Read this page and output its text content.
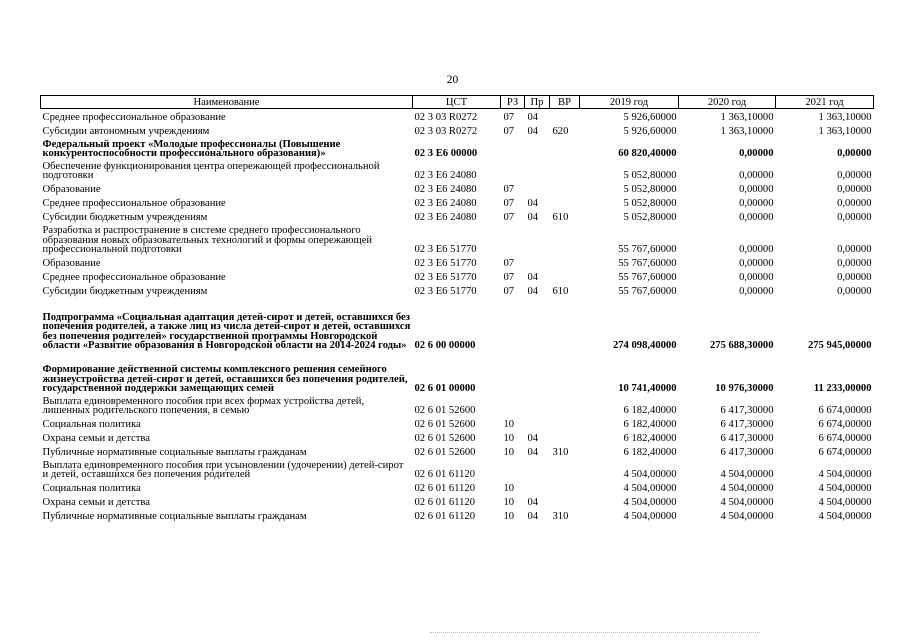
20
Наименование	ЦСТ	РЗ	Пр	ВР	2019 год	2020 год	2021 год
Среднее профессиональное образование	02 3 03 R0272	07	04		5 926,60000	1 363,10000	1 363,10000
Субсидии автономным учреждениям	02 3 03 R0272	07	04	620	5 926,60000	1 363,10000	1 363,10000
Федеральный проект «Молодые профессионалы (Повышение конкурентоспособности профессионального образования)»	02 3 Е6 00000				60 820,40000	0,00000	0,00000
Обеспечение функционирования центра опережающей профессиональной подготовки	02 3 Е6 24080				5 052,80000	0,00000	0,00000
Образование	02 3 Е6 24080	07			5 052,80000	0,00000	0,00000
Среднее профессиональное образование	02 3 Е6 24080	07	04		5 052,80000	0,00000	0,00000
Субсидии бюджетным учреждениям	02 3 Е6 24080	07	04	610	5 052,80000	0,00000	0,00000
Разработка и распространение в системе среднего профессионального образования новых образовательных технологий и формы опережающей профессиональной подготовки	02 3 Е6 51770				55 767,60000	0,00000	0,00000
Образование	02 3 Е6 51770	07			55 767,60000	0,00000	0,00000
Среднее профессиональное образование	02 3 Е6 51770	07	04		55 767,60000	0,00000	0,00000
Субсидии бюджетным учреждениям	02 3 Е6 51770	07	04	610	55 767,60000	0,00000	0,00000
Подпрограмма «Социальная адаптация детей-сирот и детей, оставшихся без попечения родителей, а также лиц из числа детей-сирот и детей, оставшихся без попечения родителей» государственной программы Новгородской области «Развитие образования в Новгородской области на 2014-2024 годы»	02 6 00 00000				274 098,40000	275 688,30000	275 945,00000
Формирование действенной системы комплексного решения семейного жизнеустройства детей-сирот и детей, оставшихся без попечения родителей, государственной поддержки замещающих семей	02 6 01 00000				10 741,40000	10 976,30000	11 233,00000
Выплата единовременного пособия при всех формах устройства детей, лишенных родительского попечения, в семью	02 6 01 52600				6 182,40000	6 417,30000	6 674,00000
Социальная политика	02 6 01 52600	10			6 182,40000	6 417,30000	6 674,00000
Охрана семьи и детства	02 6 01 52600	10	04		6 182,40000	6 417,30000	6 674,00000
Публичные нормативные социальные выплаты гражданам	02 6 01 52600	10	04	310	6 182,40000	6 417,30000	6 674,00000
Выплата единовременного пособия при усыновлении (удочерении) детей-сирот и детей, оставшихся без попечения родителей	02 6 01 61120				4 504,00000	4 504,00000	4 504,00000
Социальная политика	02 6 01 61120	10			4 504,00000	4 504,00000	4 504,00000
Охрана семьи и детства	02 6 01 61120	10	04		4 504,00000	4 504,00000	4 504,00000
Публичные нормативные социальные выплаты гражданам	02 6 01 61120	10	04	310	4 504,00000	4 504,00000	4 504,00000
